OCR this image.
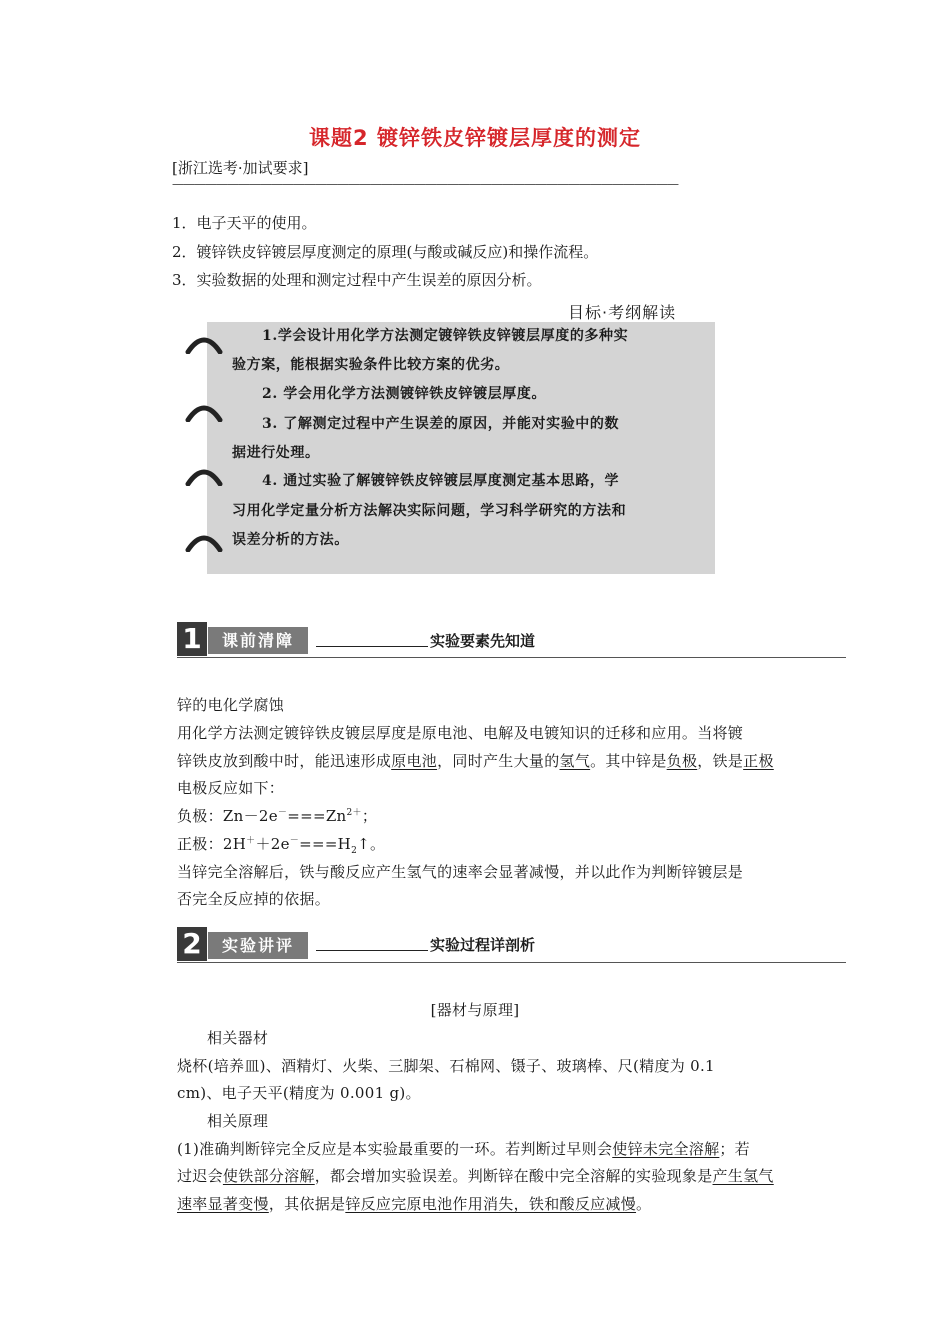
课题2 镀锌铁皮锌镀层厚度的测定
[浙江选考·加试要求]
——————————————————————————————————————————————
1．电子天平的使用。
2．镀锌铁皮锌镀层厚度测定的原理(与酸或碱反应)和操作流程。
3．实验数据的处理和测定过程中产生误差的原因分析。
目标·考纲解读
1.学会设计用化学方法测定镀锌铁皮锌镀层厚度的多种实
验方案，能根据实验条件比较方案的优劣。
2. 学会用化学方法测镀锌铁皮锌镀层厚度。
3. 了解测定过程中产生误差的原因，并能对实验中的数
据进行处理。
4. 通过实验了解镀锌铁皮锌镀层厚度测定基本思路，学
习用化学定量分析方法解决实际问题，学习科学研究的方法和
误差分析的方法。
1	课前清障	实验要素先知道
锌的电化学腐蚀
用化学方法测定镀锌铁皮镀层厚度是原电池、电解及电镀知识的迁移和应用。当将镀
锌铁皮放到酸中时，能迅速形成原电池，同时产生大量的氢气。其中锌是负极，铁是正极
电极反应如下：
负极：$Zn-2e^-===Zn^{2+}$；
正极：$2H^++2e^-===H_2↑$。
当锌完全溶解后，铁与酸反应产生氢气的速率会显著减慢，并以此作为判断锌镀层是
否完全反应掉的依据。
2	实验讲评	实验过程详剖析
[器材与原理]
相关器材
烧杯(培养皿)、酒精灯、火柴、三脚架、石棉网、镊子、玻璃棒、尺(精度为 0.1
cm)、电子天平(精度为 0.001 g)。
相关原理
(1)准确判断锌完全反应是本实验最重要的一环。若判断过早则会使锌未完全溶解；若
过迟会使铁部分溶解，都会增加实验误差。判断锌在酸中完全溶解的实验现象是产生氢气
速率显著变慢，其依据是锌反应完原电池作用消失，铁和酸反应减慢。
